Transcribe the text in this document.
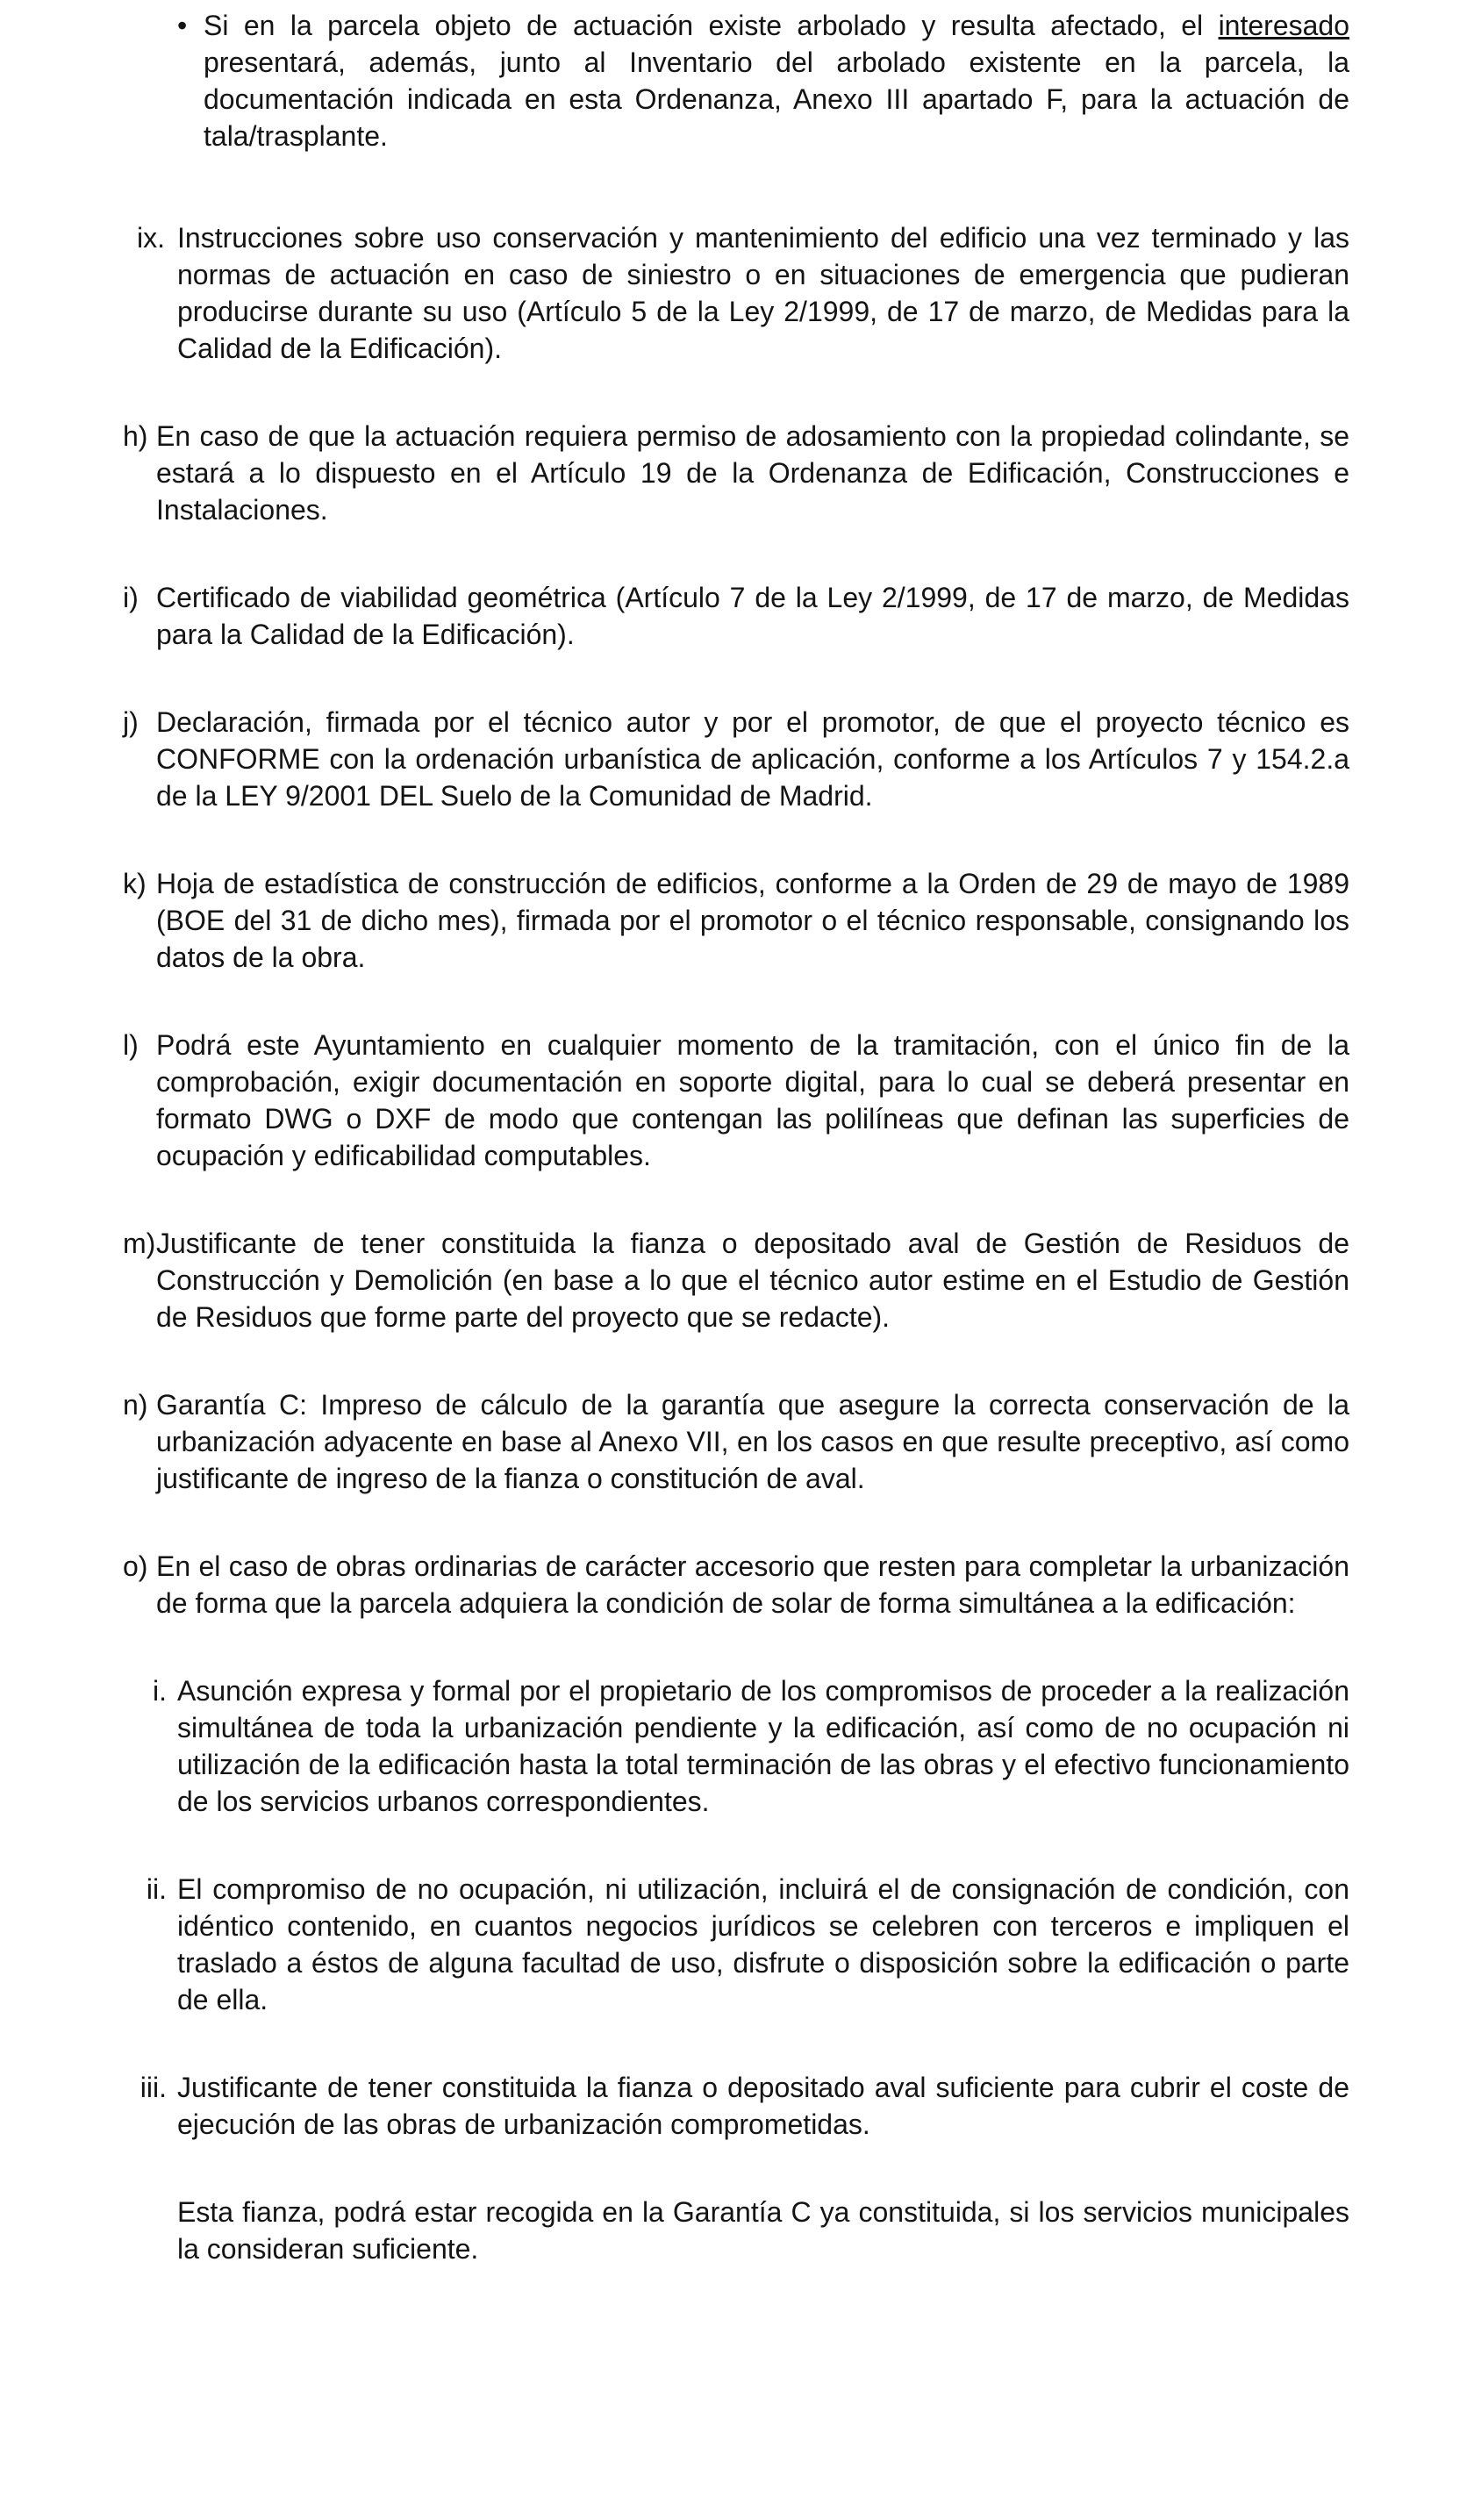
• Si en la parcela objeto de actuación existe arbolado y resulta afectado, el interesado presentará, además, junto al Inventario del arbolado existente en la parcela, la documentación indicada en esta Ordenanza, Anexo III apartado F, para la actuación de tala/trasplante.
ix. Instrucciones sobre uso conservación y mantenimiento del edificio una vez terminado y las normas de actuación en caso de siniestro o en situaciones de emergencia que pudieran producirse durante su uso (Artículo 5 de la Ley 2/1999, de 17 de marzo, de Medidas para la Calidad de la Edificación).
h) En caso de que la actuación requiera permiso de adosamiento con la propiedad colindante, se estará a lo dispuesto en el Artículo 19 de la Ordenanza de Edificación, Construcciones e Instalaciones.
i) Certificado de viabilidad geométrica (Artículo 7 de la Ley 2/1999, de 17 de marzo, de Medidas para la Calidad de la Edificación).
j) Declaración, firmada por el técnico autor y por el promotor, de que el proyecto técnico es CONFORME con la ordenación urbanística de aplicación, conforme a los Artículos 7 y 154.2.a de la LEY 9/2001 DEL Suelo de la Comunidad de Madrid.
k) Hoja de estadística de construcción de edificios, conforme a la Orden de 29 de mayo de 1989 (BOE del 31 de dicho mes), firmada por el promotor o el técnico responsable, consignando los datos de la obra.
l) Podrá este Ayuntamiento en cualquier momento de la tramitación, con el único fin de la comprobación, exigir documentación en soporte digital, para lo cual se deberá presentar en formato DWG o DXF de modo que contengan las polilíneas que definan las superficies de ocupación y edificabilidad computables.
m) Justificante de tener constituida la fianza o depositado aval de Gestión de Residuos de Construcción y Demolición (en base a lo que el técnico autor estime en el Estudio de Gestión de Residuos que forme parte del proyecto que se redacte).
n) Garantía C: Impreso de cálculo de la garantía que asegure la correcta conservación de la urbanización adyacente en base al Anexo VII, en los casos en que resulte preceptivo, así como justificante de ingreso de la fianza o constitución de aval.
o) En el caso de obras ordinarias de carácter accesorio que resten para completar la urbanización de forma que la parcela adquiera la condición de solar de forma simultánea a la edificación:
i. Asunción expresa y formal por el propietario de los compromisos de proceder a la realización simultánea de toda la urbanización pendiente y la edificación, así como de no ocupación ni utilización de la edificación hasta la total terminación de las obras y el efectivo funcionamiento de los servicios urbanos correspondientes.
ii. El compromiso de no ocupación, ni utilización, incluirá el de consignación de condición, con idéntico contenido, en cuantos negocios jurídicos se celebren con terceros e impliquen el traslado a éstos de alguna facultad de uso, disfrute o disposición sobre la edificación o parte de ella.
iii. Justificante de tener constituida la fianza o depositado aval suficiente para cubrir el coste de ejecución de las obras de urbanización comprometidas.
Esta fianza, podrá estar recogida en la Garantía C ya constituida, si los servicios municipales la consideran suficiente.
